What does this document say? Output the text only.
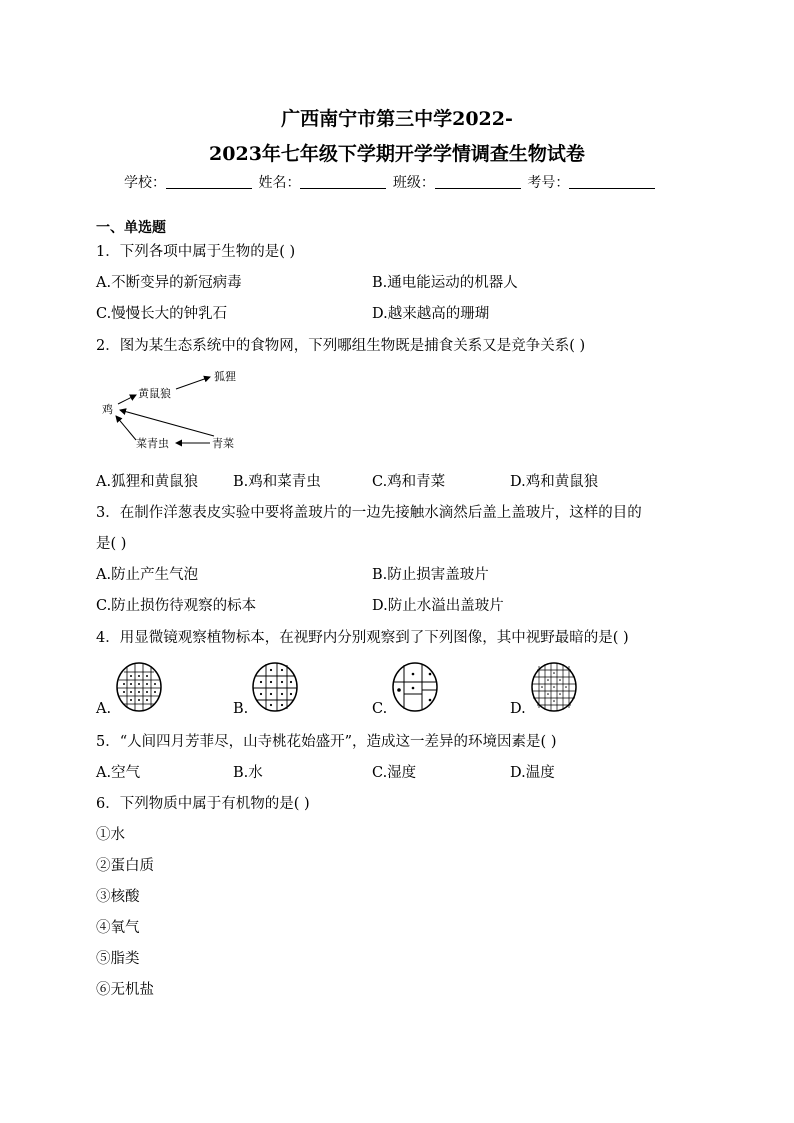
广西南宁市第三中学2022-
2023年七年级下学期开学学情调查生物试卷
学校：	姓名：	班级：	考号：
一、单选题
1．下列各项中属于生物的是( )
A.不断变异的新冠病毒	B.通电能运动的机器人
C.慢慢长大的钟乳石	D.越来越高的珊瑚
2．图为某生态系统中的食物网，下列哪组生物既是捕食关系又是竞争关系( )
鸡
黄鼠狼
狐狸
菜青虫	青菜
A.狐狸和黄鼠狼 B.鸡和菜青虫	C.鸡和青菜	D.鸡和黄鼠狼
3．在制作洋葱表皮实验中要将盖玻片的一边先接触水滴然后盖上盖玻片，这样的目的
是( )
A.防止产生气泡	B.防止损害盖玻片
C.防止损伤待观察的标本	D.防止水溢出盖玻片
4．用显微镜观察植物标本，在视野内分别观察到了下列图像，其中视野最暗的是( )
A.	B.	C.	D.
5．“人间四月芳菲尽，山寺桃花始盛开”，造成这一差异的环境因素是( )
A.空气	B.水	C.湿度	D.温度
6．下列物质中属于有机物的是( )
①水
②蛋白质
③核酸
④氧气
⑤脂类
⑥无机盐
